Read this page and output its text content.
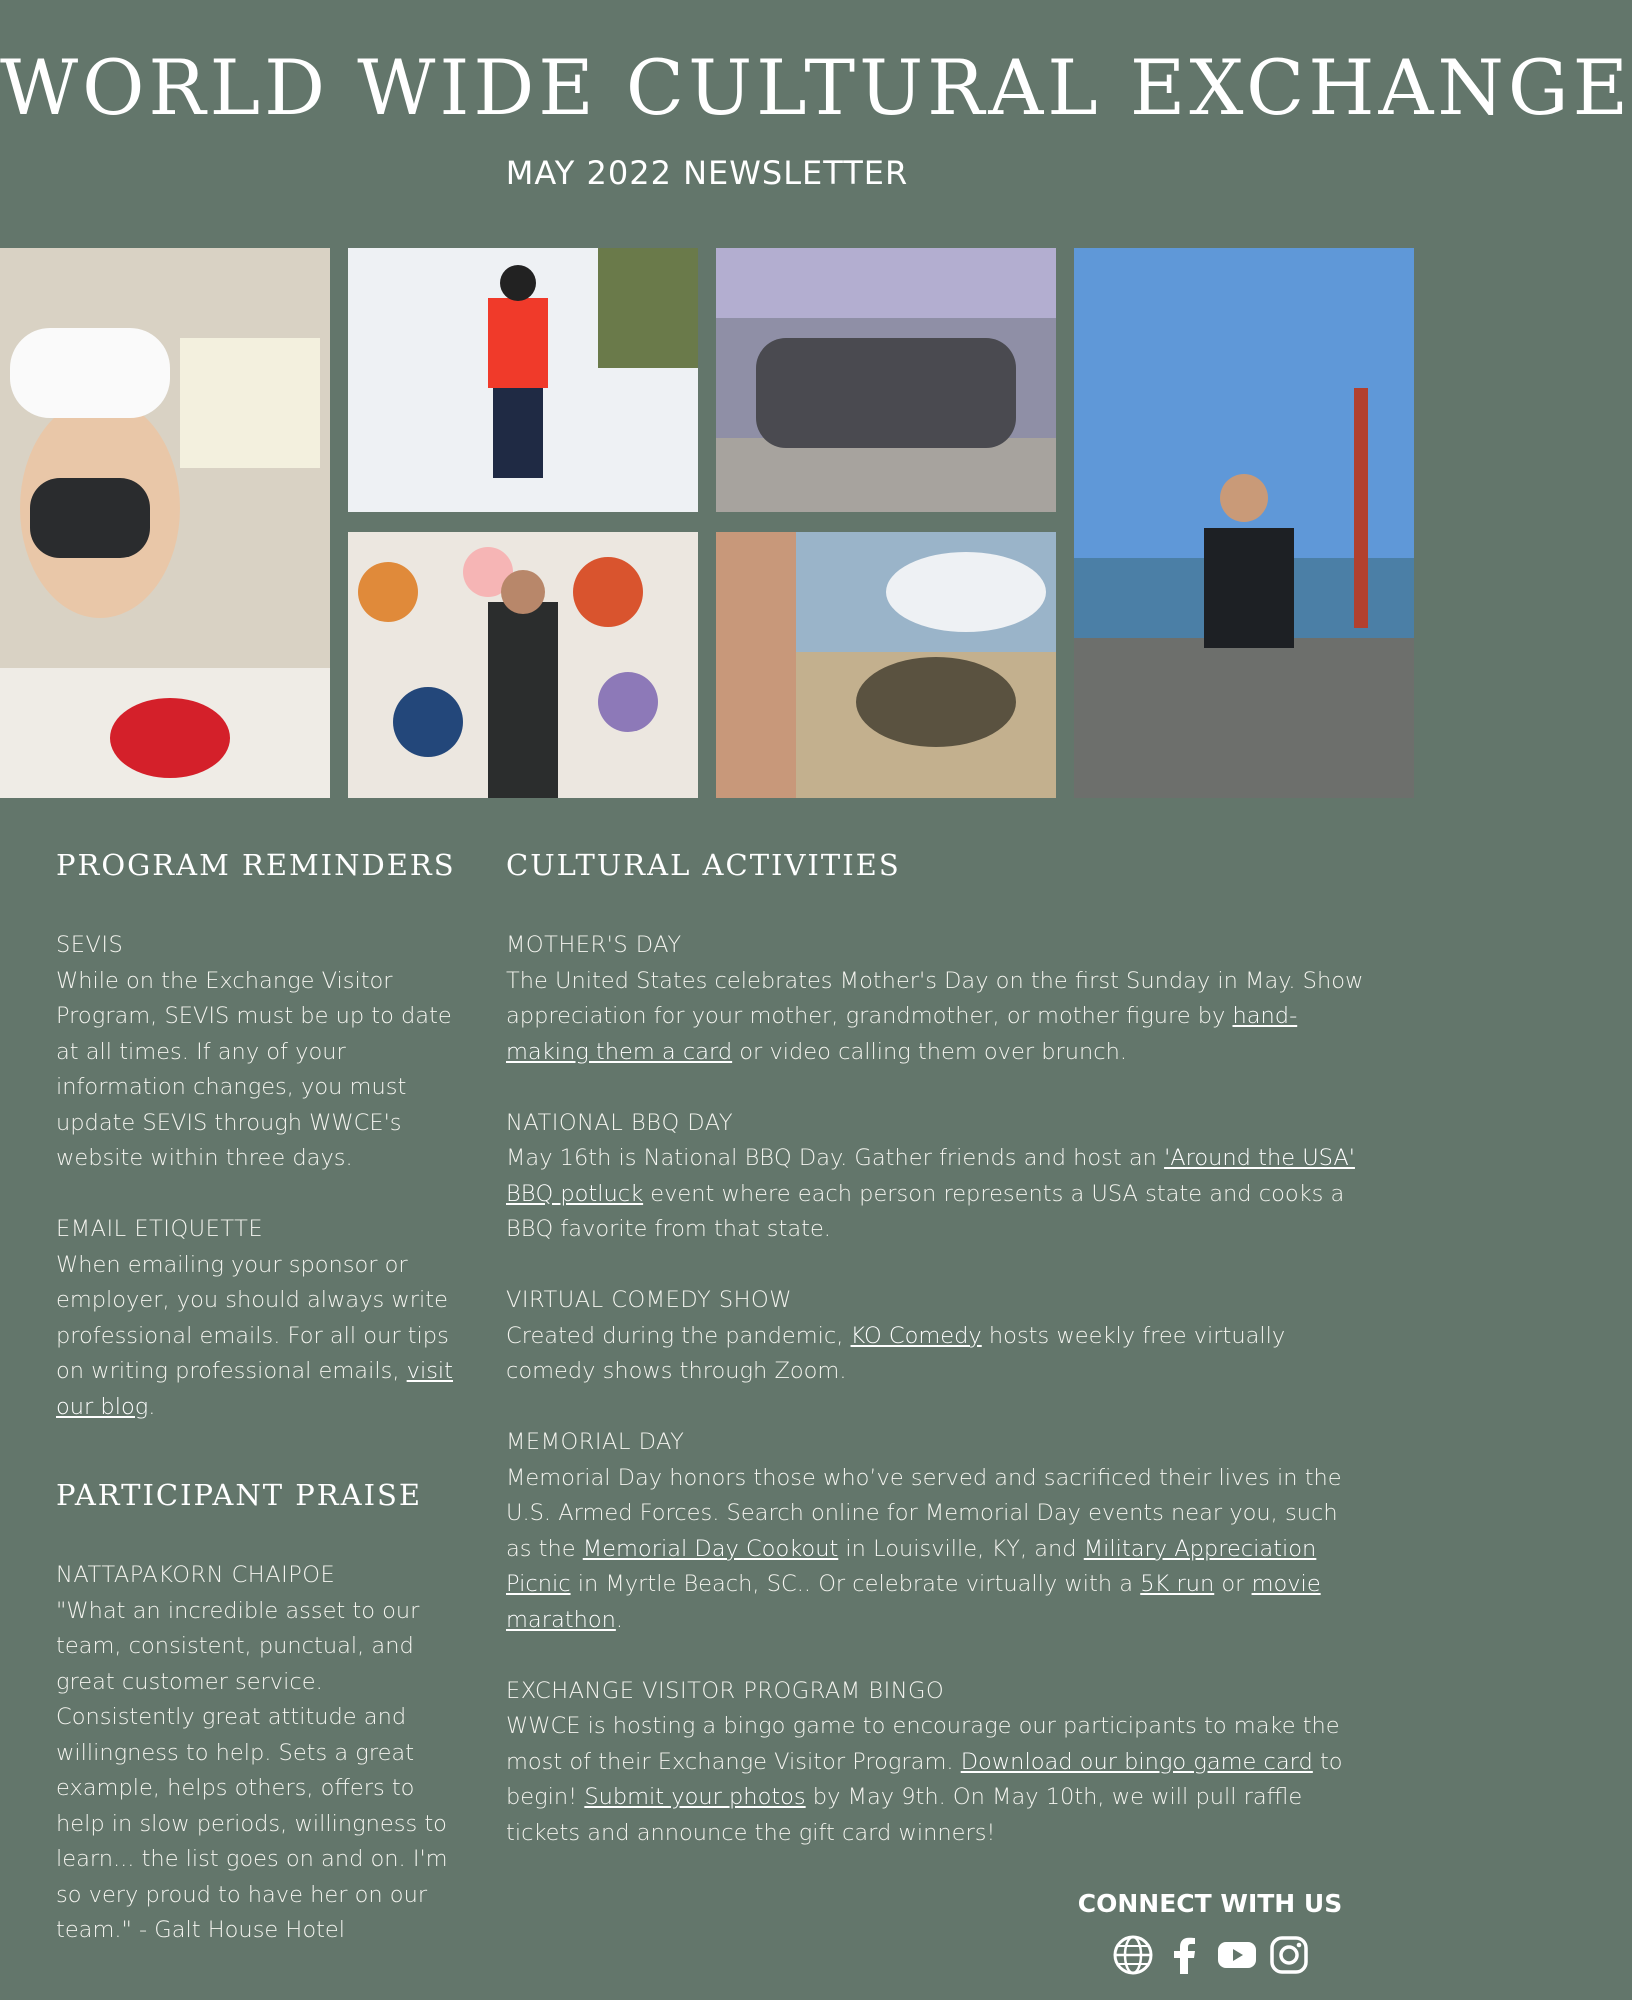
WORLD WIDE CULTURAL EXCHANGE
MAY 2022 NEWSLETTER
PROGRAM REMINDERS

SEVIS
While on the Exchange Visitor Program, SEVIS must be up to date at all times. If any of your information changes, you must update SEVIS through WWCE's website within three days.

EMAIL ETIQUETTE
When emailing your sponsor or employer, you should always write professional emails. For all our tips on writing professional emails, visit our blog.

PARTICIPANT PRAISE

NATTAPAKORN CHAIPOE
"What an incredible asset to our team, consistent, punctual, and great customer service. Consistently great attitude and willingness to help. Sets a great example, helps others, offers to help in slow periods, willingness to learn... the list goes on and on. I'm so very proud to have her on our team." - Galt House Hotel

CULTURAL ACTIVITIES

MOTHER'S DAY
The United States celebrates Mother's Day on the first Sunday in May. Show appreciation for your mother, grandmother, or mother figure by hand-making them a card or video calling them over brunch.

NATIONAL BBQ DAY
May 16th is National BBQ Day. Gather friends and host an 'Around the USA' BBQ potluck event where each person represents a USA state and cooks a BBQ favorite from that state.

VIRTUAL COMEDY SHOW
Created during the pandemic, KO Comedy hosts weekly free virtually comedy shows through Zoom.

MEMORIAL DAY
Memorial Day honors those who’ve served and sacrificed their lives in the U.S. Armed Forces. Search online for Memorial Day events near you, such as the Memorial Day Cookout in Louisville, KY, and Military Appreciation Picnic in Myrtle Beach, SC.. Or celebrate virtually with a 5K run or movie marathon.

EXCHANGE VISITOR PROGRAM BINGO
WWCE is hosting a bingo game to encourage our participants to make the most of their Exchange Visitor Program. Download our bingo game card to begin! Submit your photos by May 9th. On May 10th, we will pull raffle tickets and announce the gift card winners!

CONNECT WITH US
